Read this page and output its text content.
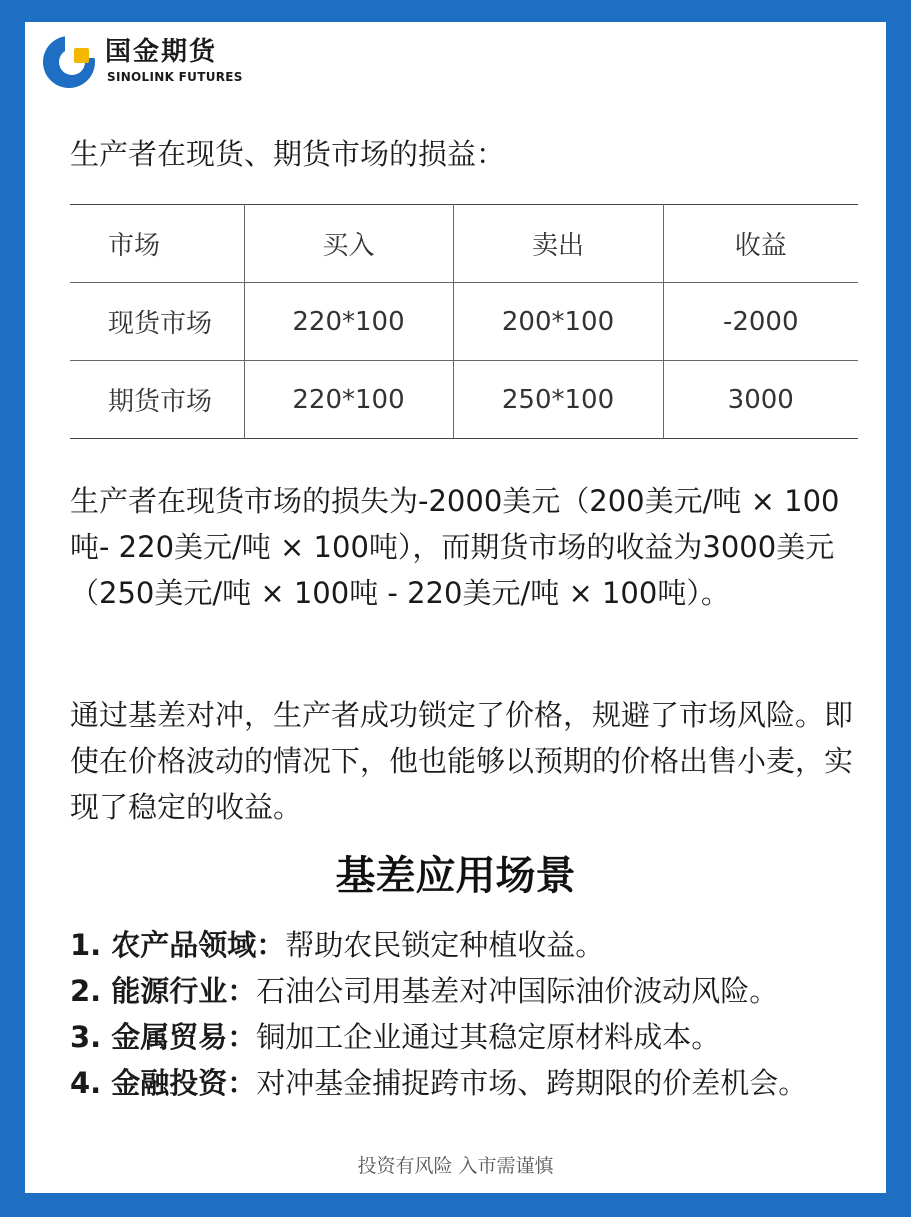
国金期货
SINOLINK FUTURES
生产者在现货、期货市场的损益：
市场	买入	卖出	收益
现货市场	220*100	200*100	-2000
期货市场	220*100	250*100	3000
生产者在现货市场的损失为-2000美元（200美元/吨 × 100吨- 220美元/吨 × 100吨），而期货市场的收益为3000美元（250美元/吨 × 100吨 - 220美元/吨 × 100吨）。
通过基差对冲，生产者成功锁定了价格，规避了市场风险。即使在价格波动的情况下，他也能够以预期的价格出售小麦，实现了稳定的收益。
基差应用场景
1. 农产品领域：帮助农民锁定种植收益。
2. 能源行业：石油公司用基差对冲国际油价波动风险。
3. 金属贸易：铜加工企业通过其稳定原材料成本。
4. 金融投资：对冲基金捕捉跨市场、跨期限的价差机会。
投资有风险 入市需谨慎
